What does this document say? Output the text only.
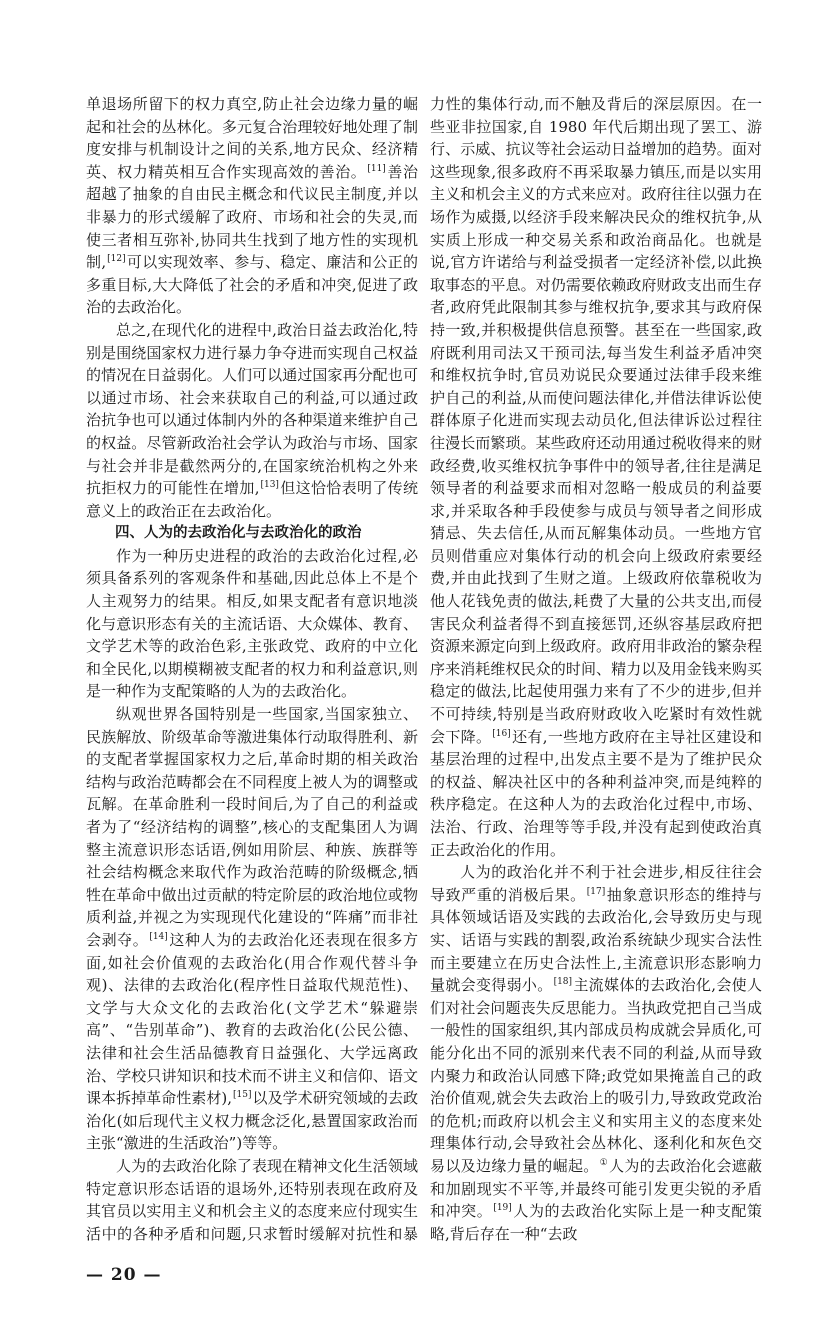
单退场所留下的权力真空,防止社会边缘力量的崛起和社会的丛林化。多元复合治理较好地处理了制度安排与机制设计之间的关系,地方民众、经济精英、权力精英相互合作实现高效的善治。[11]善治超越了抽象的自由民主概念和代议民主制度,并以非暴力的形式缓解了政府、市场和社会的失灵,而使三者相互弥补,协同共生找到了地方性的实现机制,[12]可以实现效率、参与、稳定、廉洁和公正的多重目标,大大降低了社会的矛盾和冲突,促进了政治的去政治化。

总之,在现代化的进程中,政治日益去政治化,特别是围绕国家权力进行暴力争夺进而实现自己权益的情况在日益弱化。人们可以通过国家再分配也可以通过市场、社会来获取自己的利益,可以通过政治抗争也可以通过体制内外的各种渠道来维护自己的权益。尽管新政治社会学认为政治与市场、国家与社会并非是截然两分的,在国家统治机构之外来抗拒权力的可能性在增加,[13]但这恰恰表明了传统意义上的政治正在去政治化。

四、人为的去政治化与去政治化的政治

作为一种历史进程的政治的去政治化过程,必须具备系列的客观条件和基础,因此总体上不是个人主观努力的结果。相反,如果支配者有意识地淡化与意识形态有关的主流话语、大众媒体、教育、文学艺术等的政治色彩,主张政党、政府的中立化和全民化,以期模糊被支配者的权力和利益意识,则是一种作为支配策略的人为的去政治化。

纵观世界各国特别是一些国家,当国家独立、民族解放、阶级革命等激进集体行动取得胜利、新的支配者掌握国家权力之后,革命时期的相关政治结构与政治范畴都会在不同程度上被人为的调整或瓦解。在革命胜利一段时间后,为了自己的利益或者为了“经济结构的调整”,核心的支配集团人为调整主流意识形态话语,例如用阶层、种族、族群等社会结构概念来取代作为政治范畴的阶级概念,牺牲在革命中做出过贡献的特定阶层的政治地位或物质利益,并视之为实现现代化建设的“阵痛”而非社会剥夺。[14]这种人为的去政治化还表现在很多方面,如社会价值观的去政治化(用合作观代替斗争观)、法律的去政治化(程序性日益取代规范性)、文学与大众文化的去政治化(文学艺术“躲避崇高”、“告别革命”)、教育的去政治化(公民公德、法律和社会生活品德教育日益强化、大学远离政治、学校只讲知识和技术而不讲主义和信仰、语文课本拆掉革命性素材),[15]以及学术研究领域的去政治化(如后现代主义权力概念泛化,悬置国家政治而主张“激进的生活政治”)等等。

人为的去政治化除了表现在精神文化生活领域特定意识形态话语的退场外,还特别表现在政府及其官员以实用主义和机会主义的态度来应付现实生活中的各种矛盾和问题,只求暂时缓解对抗性和暴力性的集体行动,而不触及背后的深层原因。在一些亚非拉国家,自 1980 年代后期出现了罢工、游行、示威、抗议等社会运动日益增加的趋势。面对这些现象,很多政府不再采取暴力镇压,而是以实用主义和机会主义的方式来应对。政府往往以强力在场作为威摄,以经济手段来解决民众的维权抗争,从实质上形成一种交易关系和政治商品化。也就是说,官方许诺给与利益受损者一定经济补偿,以此换取事态的平息。对仍需要依赖政府财政支出而生存者,政府凭此限制其参与维权抗争,要求其与政府保持一致,并积极提供信息预警。甚至在一些国家,政府既利用司法又干预司法,每当发生利益矛盾冲突和维权抗争时,官员劝说民众要通过法律手段来维护自己的利益,从而使问题法律化,并借法律诉讼使群体原子化进而实现去动员化,但法律诉讼过程往往漫长而繁琐。某些政府还动用通过税收得来的财政经费,收买维权抗争事件中的领导者,往往是满足领导者的利益要求而相对忽略一般成员的利益要求,并采取各种手段使参与成员与领导者之间形成猜忌、失去信任,从而瓦解集体动员。一些地方官员则借重应对集体行动的机会向上级政府索要经费,并由此找到了生财之道。上级政府依靠税收为他人花钱免责的做法,耗费了大量的公共支出,而侵害民众利益者得不到直接惩罚,还纵容基层政府把资源来源定向到上级政府。政府用非政治的繁杂程序来消耗维权民众的时间、精力以及用金钱来购买稳定的做法,比起使用强力来有了不少的进步,但并不可持续,特别是当政府财政收入吃紧时有效性就会下降。[16]还有,一些地方政府在主导社区建设和基层治理的过程中,出发点主要不是为了维护民众的权益、解决社区中的各种利益冲突,而是纯粹的秩序稳定。在这种人为的去政治化过程中,市场、法治、行政、治理等等手段,并没有起到使政治真正去政治化的作用。

人为的政治化并不利于社会进步,相反往往会导致严重的消极后果。[17]抽象意识形态的维持与具体领域话语及实践的去政治化,会导致历史与现实、话语与实践的割裂,政治系统缺少现实合法性而主要建立在历史合法性上,主流意识形态影响力量就会变得弱小。[18]主流媒体的去政治化,会使人们对社会问题丧失反思能力。当执政党把自己当成一般性的国家组织,其内部成员构成就会异质化,可能分化出不同的派别来代表不同的利益,从而导致内聚力和政治认同感下降;政党如果掩盖自己的政治价值观,就会失去政治上的吸引力,导致政党政治的危机;而政府以机会主义和实用主义的态度来处理集体行动,会导致社会丛林化、逐利化和灰色交易以及边缘力量的崛起。①人为的去政治化会遮蔽和加剧现实不平等,并最终可能引发更尖锐的矛盾和冲突。[19]人为的去政治化实际上是一种支配策略,背后存在一种“去政

— 20 —
